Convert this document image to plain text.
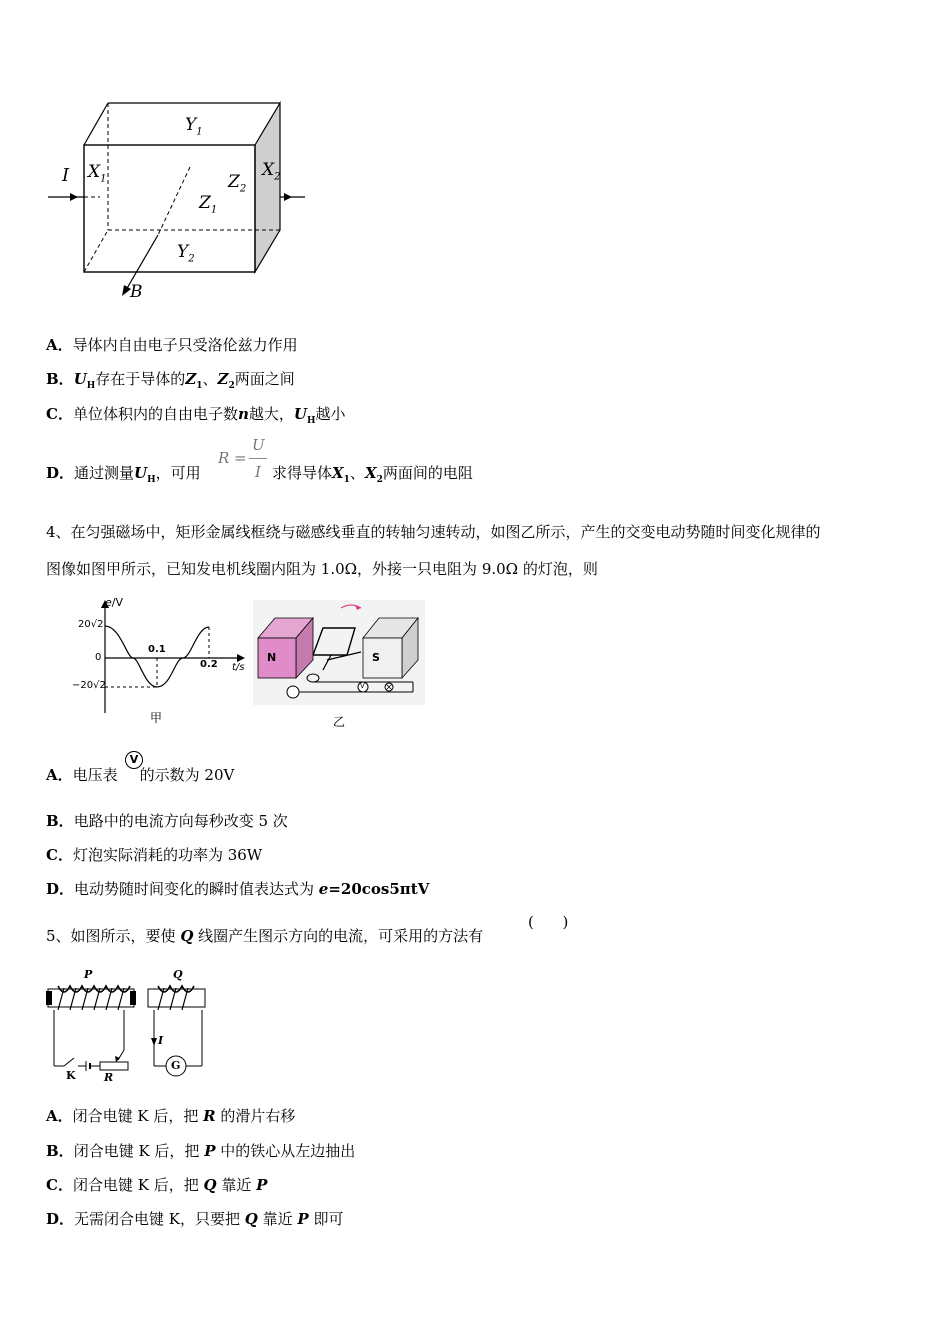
$Y_1$
$Y_2$
$X_1$	$X_2$
$Z_1$
$Z_2$
I
B
A．导体内自由电子只受洛伦兹力作用
B．$U_H$存在于导体的$Z_1$、$Z_2$两面之间
C．单位体积内的自由电子数n越大，$U_H$越小
D．通过测量$U_H$，可用
R =
U
I 求得导体$X_1$、$X_2$两面间的电阻
4、在匀强磁场中，矩形金属线框绕与磁感线垂直的转轴匀速转动，如图乙所示，产生的交变电动势随时间变化规律的
图像如图甲所示，已知发电机线圈内阻为 1.0Ω，外接一只电阻为 9.0Ω 的灯泡，则
e/V
20√2
0
−20√2
0.1
0.2 t/s
甲
N	S
V
乙
A．电压表 的示数为 20V
V
B．电路中的电流方向每秒改变 5 次
C．灯泡实际消耗的功率为 36W
D．电动势随时间变化的瞬时值表达式为 e=20cos5πtV
5、如图所示，要使 Q 线圈产生图示方向的电流，可采用的方法有
(      )
P	Q
K	R
I
G
A．闭合电键 K 后，把 R 的滑片右移
B．闭合电键 K 后，把 P 中的铁心从左边抽出
C．闭合电键 K 后，把 Q 靠近 P
D．无需闭合电键 K，只要把 Q 靠近 P 即可
